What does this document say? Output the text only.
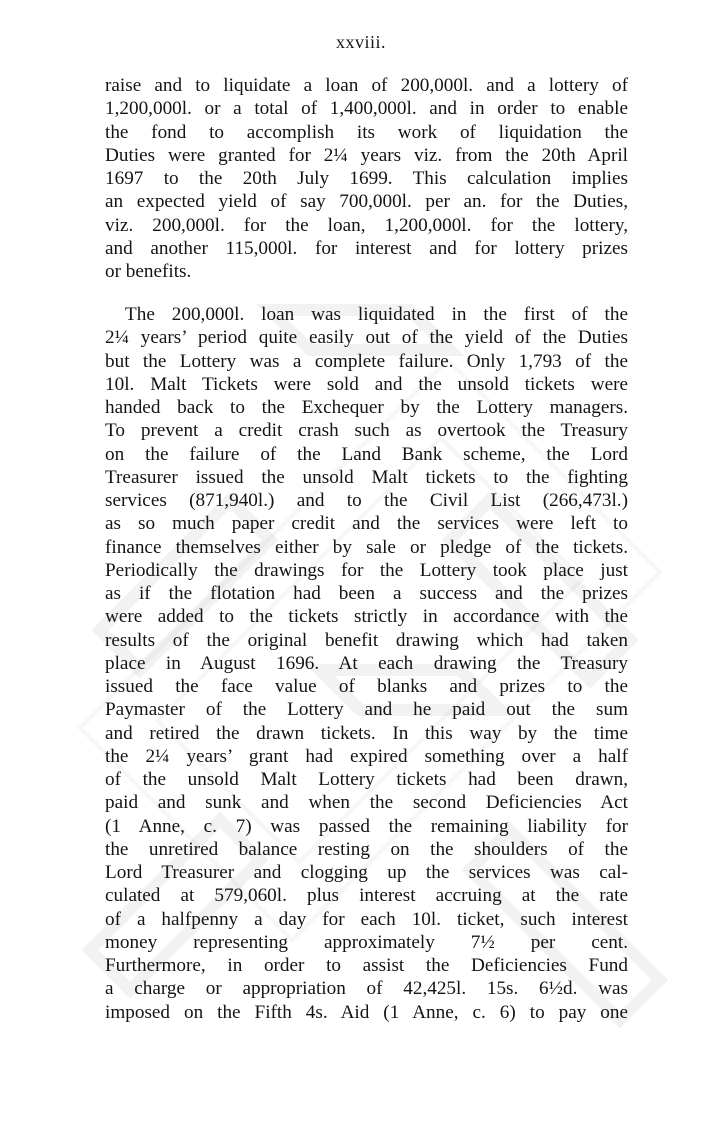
xxviii.
raise and to liquidate a loan of 200,000l. and a lottery of
1,200,000l. or a total of 1,400,000l. and in order to enable
the fond to accomplish its work of liquidation the
Duties were granted for 2¼ years viz. from the 20th April
1697 to the 20th July 1699. This calculation implies
an expected yield of say 700,000l. per an. for the Duties,
viz. 200,000l. for the loan, 1,200,000l. for the lottery,
and another 115,000l. for interest and for lottery prizes
or benefits.
The 200,000l. loan was liquidated in the first of the
2¼ years’ period quite easily out of the yield of the Duties
but the Lottery was a complete failure. Only 1,793 of the
10l. Malt Tickets were sold and the unsold tickets were
handed back to the Exchequer by the Lottery managers.
To prevent a credit crash such as overtook the Treasury
on the failure of the Land Bank scheme, the Lord
Treasurer issued the unsold Malt tickets to the fighting
services (871,940l.) and to the Civil List (266,473l.)
as so much paper credit and the services were left to
finance themselves either by sale or pledge of the tickets.
Periodically the drawings for the Lottery took place just
as if the flotation had been a success and the prizes
were added to the tickets strictly in accordance with the
results of the original benefit drawing which had taken
place in August 1696. At each drawing the Treasury
issued the face value of blanks and prizes to the
Paymaster of the Lottery and he paid out the sum
and retired the drawn tickets. In this way by the time
the 2¼ years’ grant had expired something over a half
of the unsold Malt Lottery tickets had been drawn,
paid and sunk and when the second Deficiencies Act
(1 Anne, c. 7) was passed the remaining liability for
the unretired balance resting on the shoulders of the
Lord Treasurer and clogging up the services was cal-
culated at 579,060l. plus interest accruing at the rate
of a halfpenny a day for each 10l. ticket, such interest
money representing approximately 7½ per cent.
Furthermore, in order to assist the Deficiencies Fund
a charge or appropriation of 42,425l. 15s. 6½d. was
imposed on the Fifth 4s. Aid (1 Anne, c. 6) to pay one
